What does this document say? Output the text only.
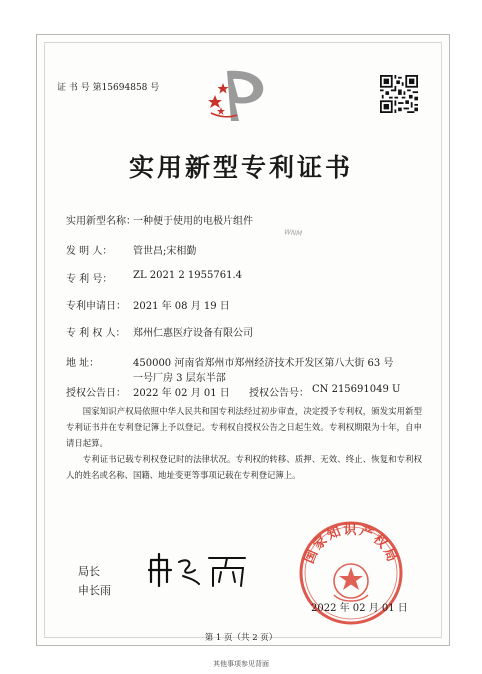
证 书 号 第15694858 号
实用新型专利证书
实用新型名称：
一种便于使用的电极片组件
WNM
发 明 人： 管世昌;宋相勤
专 利 号： ZL 2021 2 1955761.4
专利申请日： 2021 年 08 月 19 日
专 利 权 人： 郑州仁惠医疗设备有限公司
地 址：	450000 河南省郑州市郑州经济技术开发区第八大街 63 号
一号厂房 3 层东半部
授权公告日： 2022 年 02 月 01 日 授权公告号： CN 215691049 U
国家知识产权局依照中华人民共和国专利法经过初步审查，决定授予专利权，颁发实用新型专利证书并在专利登记簿上予以登记。专利权自授权公告之日起生效。专利权期限为十年，自申请日起算。
专利证书记载专利权登记时的法律状况。专利权的转移、质押、无效、终止、恢复和专利权人的姓名或名称、国籍、地址变更等事项记载在专利登记簿上。
局长
申长雨
国家知识产权局
2022 年 02 月 01 日
第 1 页（共 2 页）
其他事项参见背面
